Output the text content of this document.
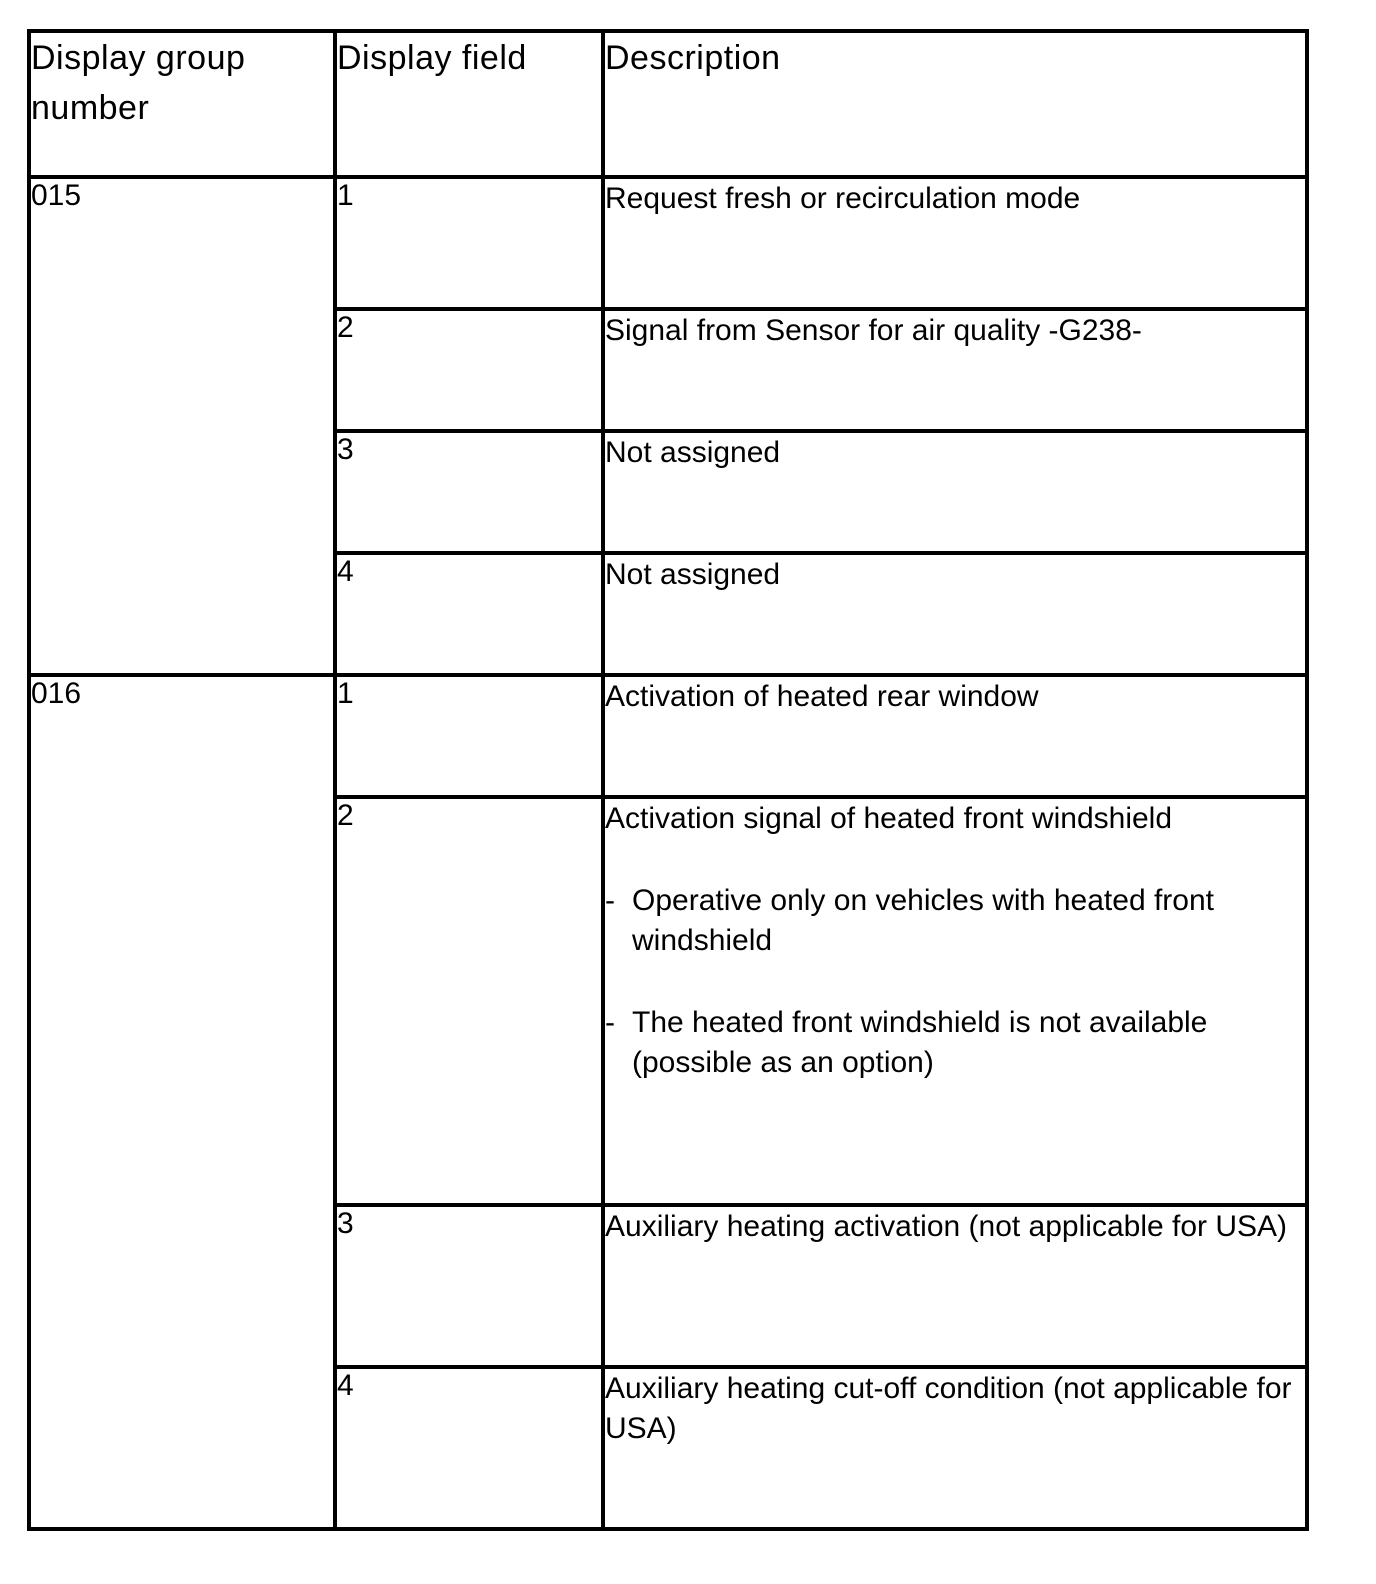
Display group
number	Display field	Description
015	1	Request fresh or recirculation mode
	2	Signal from Sensor for air quality -G238-
	3	Not assigned
	4	Not assigned
016	1	Activation of heated rear window
	2	Activation signal of heated front windshield
- Operative only on vehicles with heated front windshield
- The heated front windshield is not available (possible as an option)

	3	Auxiliary heating activation (not applicable for USA)
	4	Auxiliary heating cut-off condition (not applicable for USA)
